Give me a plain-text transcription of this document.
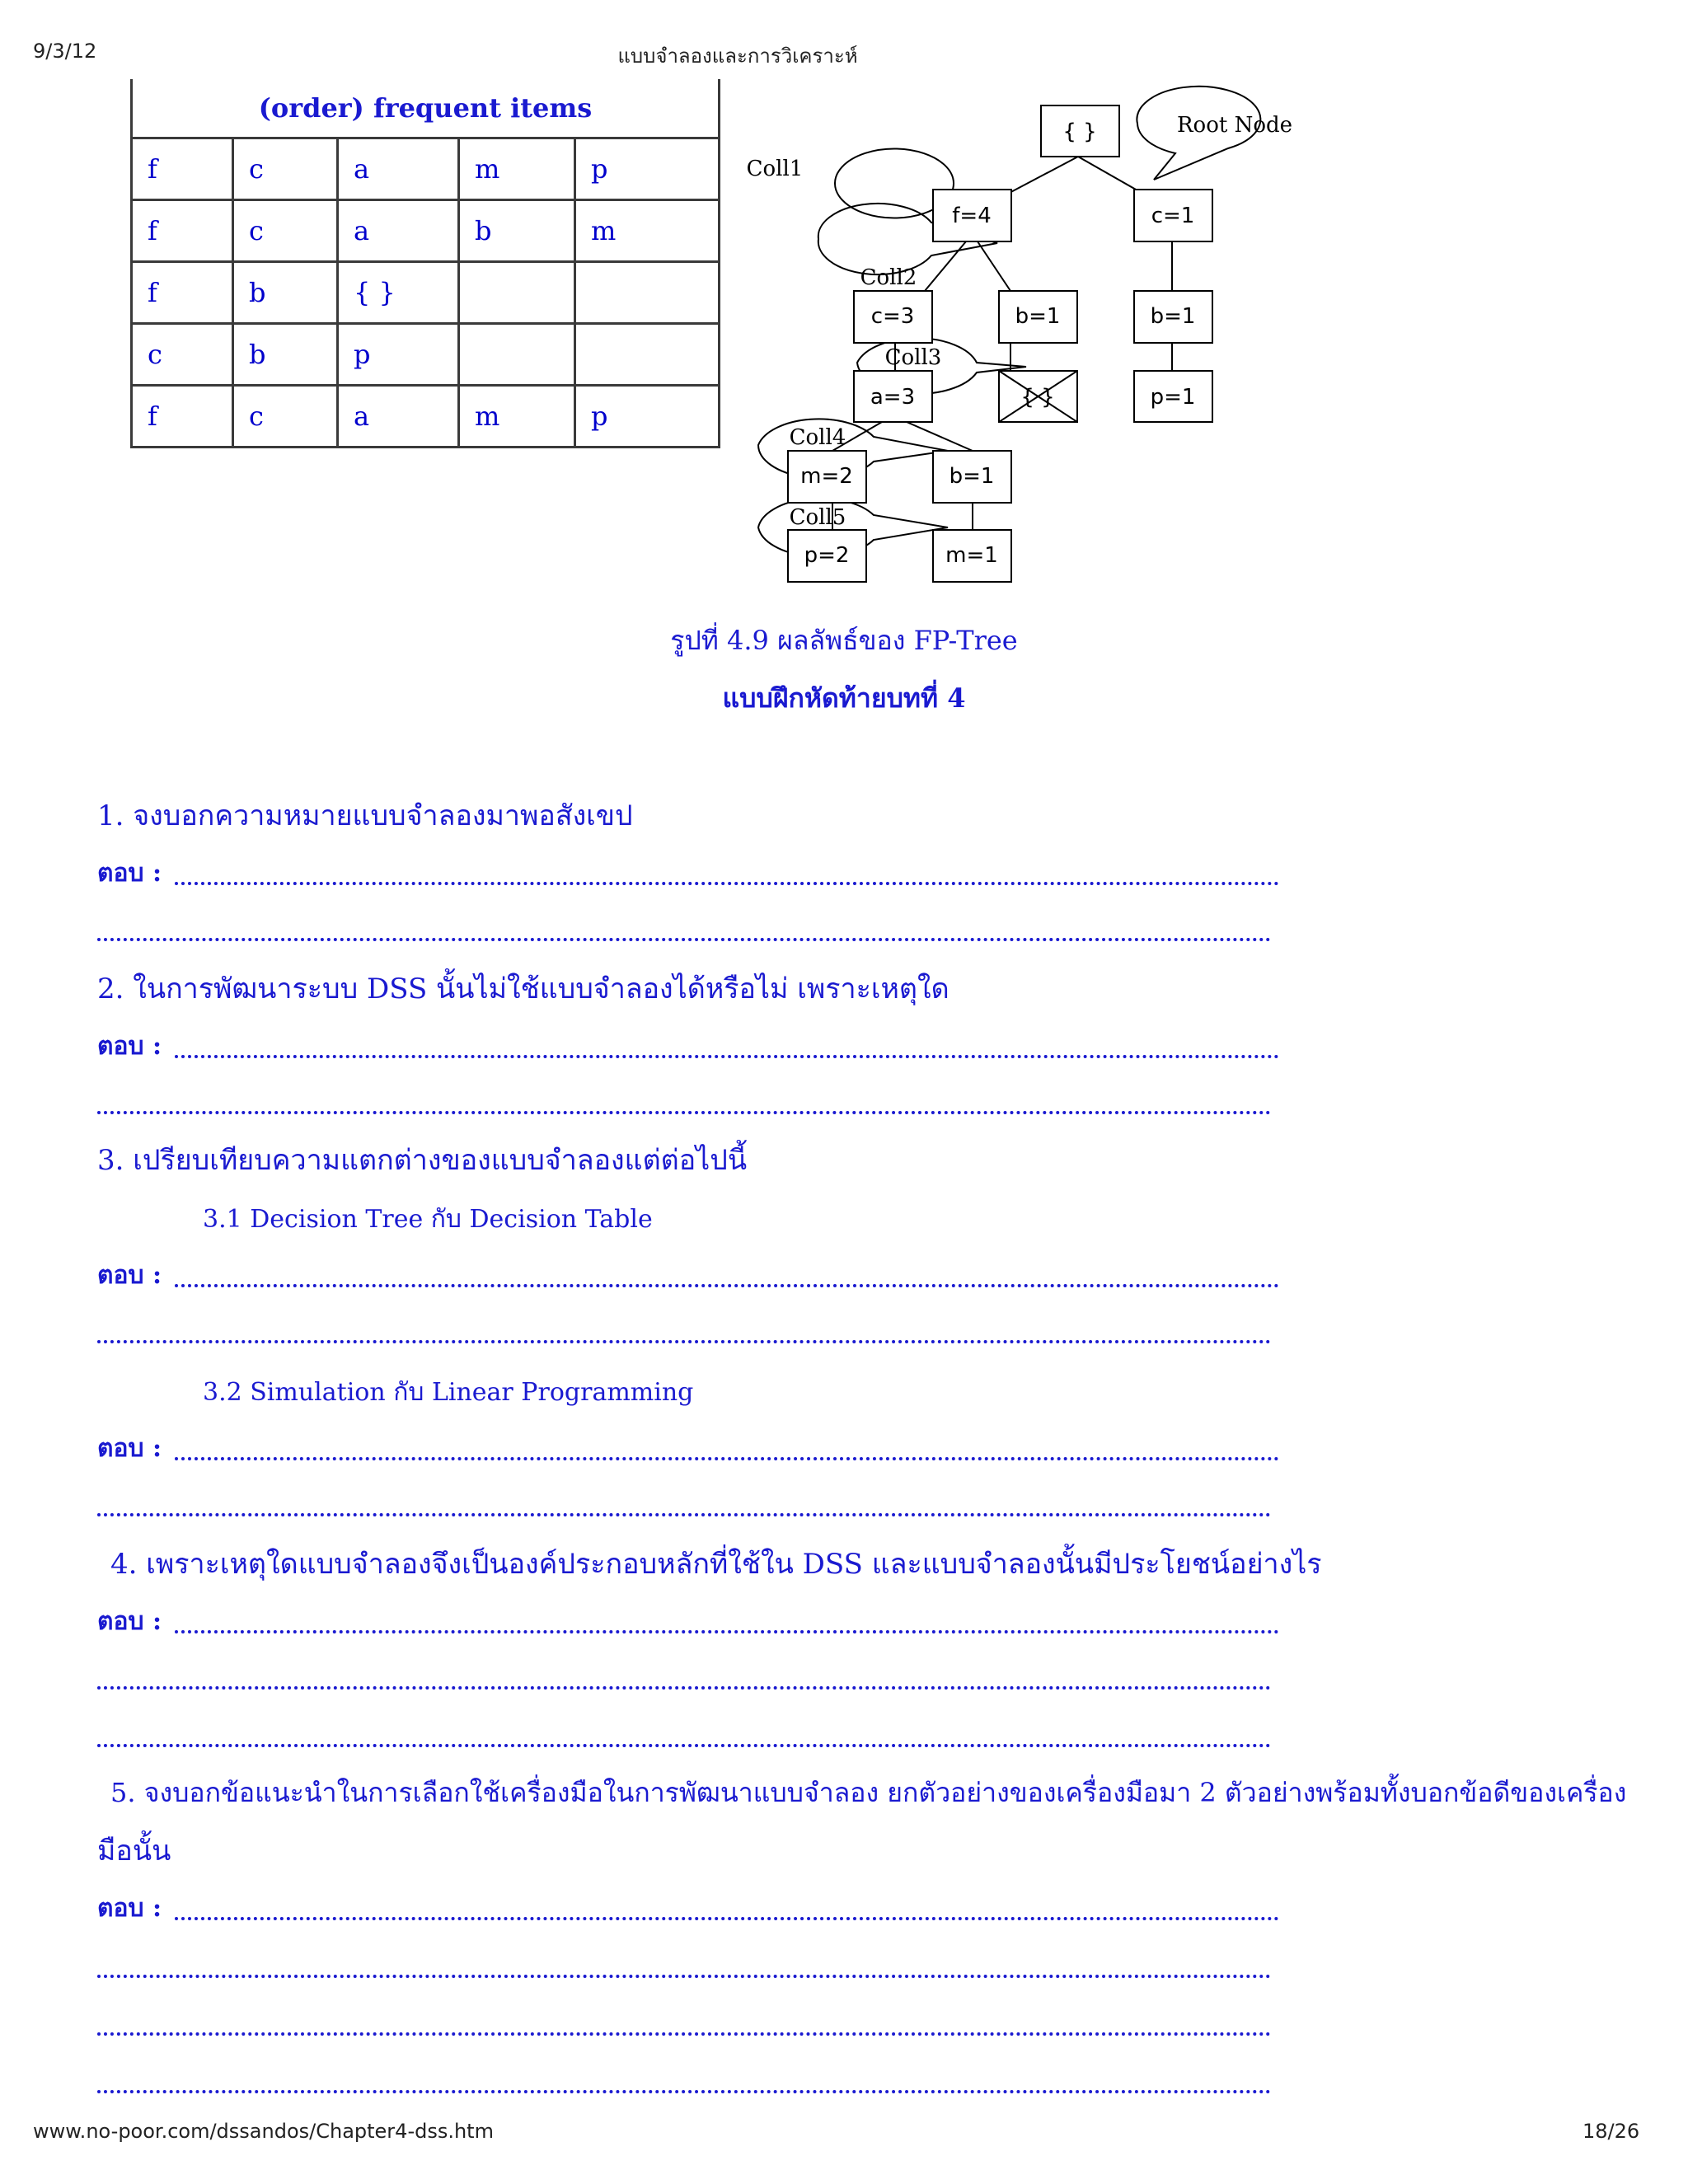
9/3/12	แบบจำลองและการวิเคราะห์
(order) frequent items				
f	c	a	m	p
f	c	a	b	m
f	b	{ }		
c	b	p		
f	c	a	m	p
{ }	Root Node
Coll1
Coll2
Coll3
Coll4
Coll5
f=4	c=1
c=3	b=1	b=1
a=3	{ }	p=1
m=2	b=1
p=2	m=1
รูปที่ 4.9 ผลลัพธ์ของ FP-Tree
แบบฝึกหัดท้ายบทที่ 4
1. จงบอกความหมายแบบจำลองมาพอสังเขป
ตอบ :
2. ในการพัฒนาระบบ DSS นั้นไม่ใช้แบบจำลองได้หรือไม่ เพราะเหตุใด
ตอบ :
3. เปรียบเทียบความแตกต่างของแบบจำลองแต่ต่อไปนี้
3.1 Decision Tree กับ Decision Table
ตอบ :
3.2 Simulation กับ Linear Programming
ตอบ :
4. เพราะเหตุใดแบบจำลองจึงเป็นองค์ประกอบหลักที่ใช้ใน DSS และแบบจำลองนั้นมีประโยชน์อย่างไร
ตอบ :
5. จงบอกข้อแนะนำในการเลือกใช้เครื่องมือในการพัฒนาแบบจำลอง ยกตัวอย่างของเครื่องมือมา 2 ตัวอย่างพร้อมทั้งบอกข้อดีของเครื่อง
มือนั้น
ตอบ :
www.no-poor.com/dssandos/Chapter4-dss.htm	18/26
